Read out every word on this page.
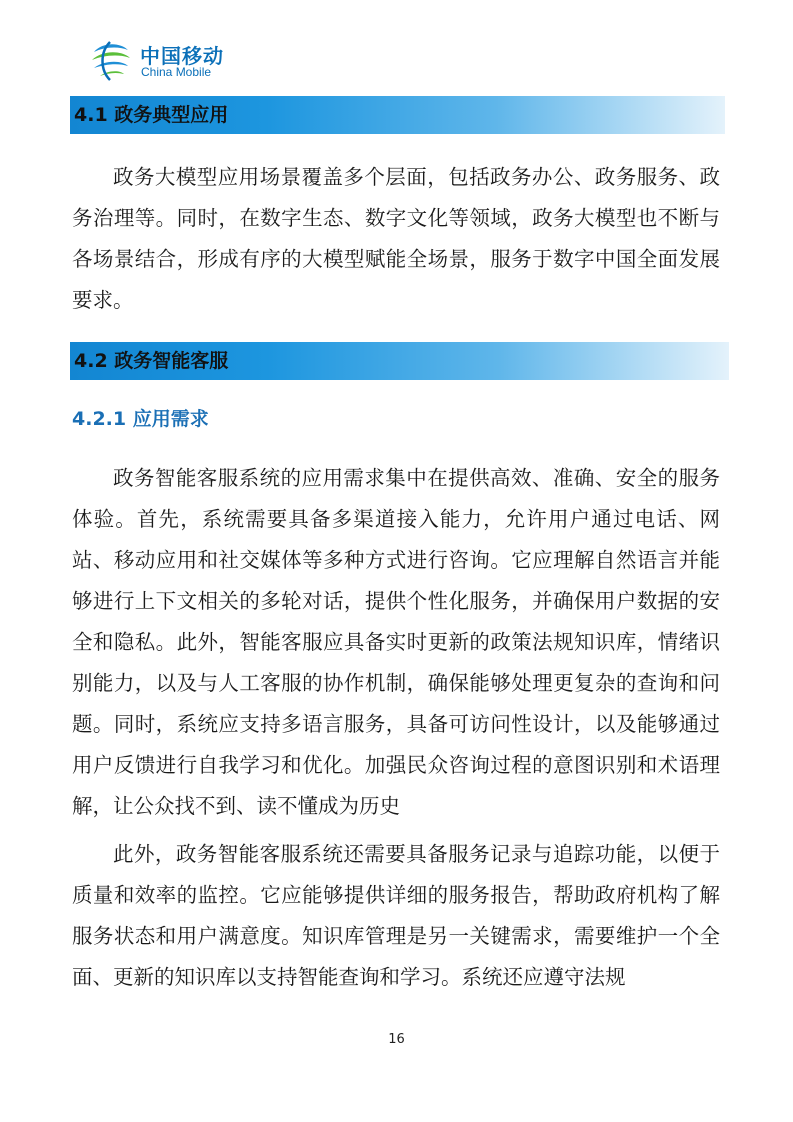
中国移动
China Mobile
4.1 政务典型应用

政务大模型应用场景覆盖多个层面，包括政务办公、政务服务、政务治理等。同时，在数字生态、数字文化等领域，政务大模型也不断与各场景结合，形成有序的大模型赋能全场景，服务于数字中国全面发展要求。

4.2 政务智能客服
4.2.1 应用需求

政务智能客服系统的应用需求集中在提供高效、准确、安全的服务体验。首先，系统需要具备多渠道接入能力，允许用户通过电话、网站、移动应用和社交媒体等多种方式进行咨询。它应理解自然语言并能够进行上下文相关的多轮对话，提供个性化服务，并确保用户数据的安全和隐私。此外，智能客服应具备实时更新的政策法规知识库，情绪识别能力，以及与人工客服的协作机制，确保能够处理更复杂的查询和问题。同时，系统应支持多语言服务，具备可访问性设计，以及能够通过用户反馈进行自我学习和优化。加强民众咨询过程的意图识别和术语理解，让公众找不到、读不懂成为历史

此外，政务智能客服系统还需要具备服务记录与追踪功能，以便于质量和效率的监控。它应能够提供详细的服务报告，帮助政府机构了解服务状态和用户满意度。知识库管理是另一关键需求，需要维护一个全面、更新的知识库以支持智能查询和学习。系统还应遵守法规

16
